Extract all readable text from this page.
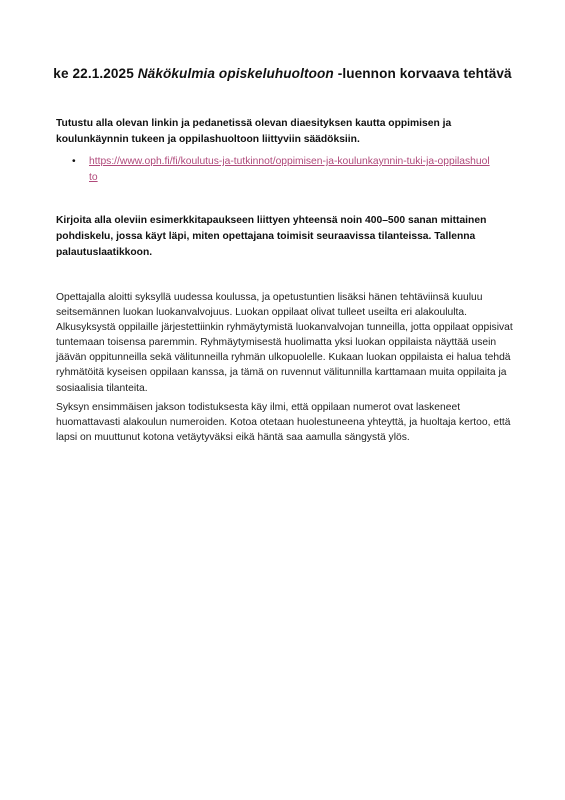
ke 22.1.2025 Näkökulmia opiskeluhuoltoon -luennon korvaava tehtävä
Tutustu alla olevan linkin ja pedanetissä olevan diaesityksen kautta oppimisen ja koulunkäynnin tukeen ja oppilashuoltoon liittyviin säädöksiin.
• https://www.oph.fi/fi/koulutus-ja-tutkinnot/oppimisen-ja-koulunkaynnin-tuki-ja-oppilashuolto
Kirjoita alla oleviin esimerkkitapaukseen liittyen yhteensä noin 400–500 sanan mittainen pohdiskelu, jossa käyt läpi, miten opettajana toimisit seuraavissa tilanteissa. Tallenna palautuslaatikkoon.
Opettajalla aloitti syksyllä uudessa koulussa, ja opetustuntien lisäksi hänen tehtäviinsä kuuluu seitsemännen luokan luokanvalvojuus. Luokan oppilaat olivat tulleet useilta eri alakoululta. Alkusyksystä oppilaille järjestettiinkin ryhmäytymistä luokanvalvojan tunneilla, jotta oppilaat oppisivat tuntemaan toisensa paremmin. Ryhmäytymisestä huolimatta yksi luokan oppilaista näyttää usein jäävän oppitunneilla sekä välitunneilla ryhmän ulkopuolelle. Kukaan luokan oppilaista ei halua tehdä ryhmätöitä kyseisen oppilaan kanssa, ja tämä on ruvennut välitunnilla karttamaan muita oppilaita ja sosiaalisia tilanteita.
Syksyn ensimmäisen jakson todistuksesta käy ilmi, että oppilaan numerot ovat laskeneet huomattavasti alakoulun numeroiden. Kotoa otetaan huolestuneena yhteyttä, ja huoltaja kertoo, että lapsi on muuttunut kotona vetäytyväksi eikä häntä saa aamulla sängystä ylös.
